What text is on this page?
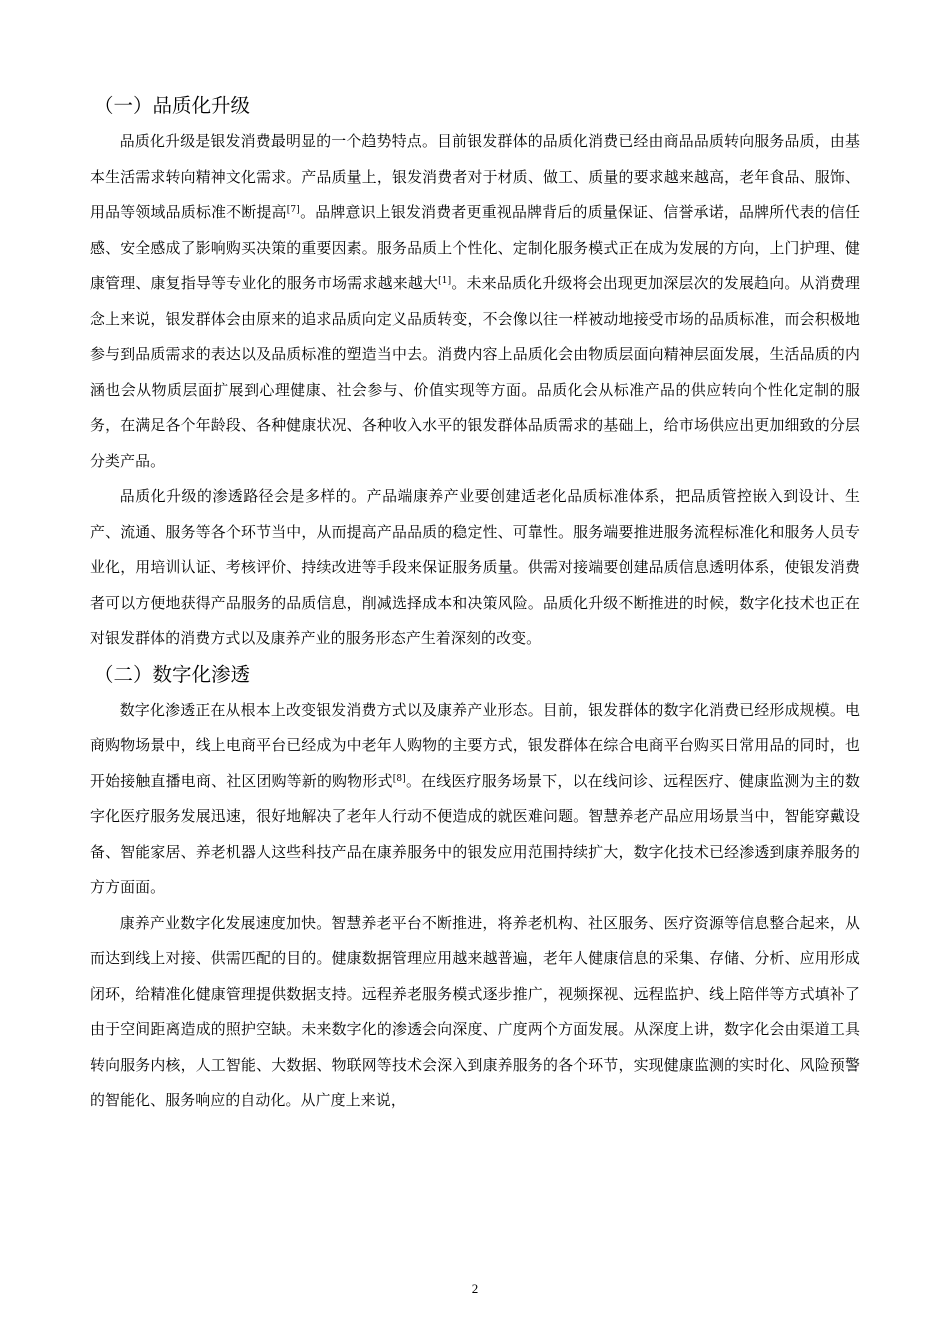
（一）品质化升级

品质化升级是银发消费最明显的一个趋势特点。目前银发群体的品质化消费已经由商品品质转向服务品质，由基本生活需求转向精神文化需求。产品质量上，银发消费者对于材质、做工、质量的要求越来越高，老年食品、服饰、用品等领域品质标准不断提高[7]。品牌意识上银发消费者更重视品牌背后的质量保证、信誉承诺，品牌所代表的信任感、安全感成了影响购买决策的重要因素。服务品质上个性化、定制化服务模式正在成为发展的方向，上门护理、健康管理、康复指导等专业化的服务市场需求越来越大[1]。未来品质化升级将会出现更加深层次的发展趋向。从消费理念上来说，银发群体会由原来的追求品质向定义品质转变，不会像以往一样被动地接受市场的品质标准，而会积极地参与到品质需求的表达以及品质标准的塑造当中去。消费内容上品质化会由物质层面向精神层面发展，生活品质的内涵也会从物质层面扩展到心理健康、社会参与、价值实现等方面。品质化会从标准产品的供应转向个性化定制的服务，在满足各个年龄段、各种健康状况、各种收入水平的银发群体品质需求的基础上，给市场供应出更加细致的分层分类产品。

品质化升级的渗透路径会是多样的。产品端康养产业要创建适老化品质标准体系，把品质管控嵌入到设计、生产、流通、服务等各个环节当中，从而提高产品品质的稳定性、可靠性。服务端要推进服务流程标准化和服务人员专业化，用培训认证、考核评价、持续改进等手段来保证服务质量。供需对接端要创建品质信息透明体系，使银发消费者可以方便地获得产品服务的品质信息，削减选择成本和决策风险。品质化升级不断推进的时候，数字化技术也正在对银发群体的消费方式以及康养产业的服务形态产生着深刻的改变。

（二）数字化渗透

数字化渗透正在从根本上改变银发消费方式以及康养产业形态。目前，银发群体的数字化消费已经形成规模。电商购物场景中，线上电商平台已经成为中老年人购物的主要方式，银发群体在综合电商平台购买日常用品的同时，也开始接触直播电商、社区团购等新的购物形式[8]。在线医疗服务场景下，以在线问诊、远程医疗、健康监测为主的数字化医疗服务发展迅速，很好地解决了老年人行动不便造成的就医难问题。智慧养老产品应用场景当中，智能穿戴设备、智能家居、养老机器人这些科技产品在康养服务中的银发应用范围持续扩大，数字化技术已经渗透到康养服务的方方面面。

康养产业数字化发展速度加快。智慧养老平台不断推进，将养老机构、社区服务、医疗资源等信息整合起来，从而达到线上对接、供需匹配的目的。健康数据管理应用越来越普遍，老年人健康信息的采集、存储、分析、应用形成闭环，给精准化健康管理提供数据支持。远程养老服务模式逐步推广，视频探视、远程监护、线上陪伴等方式填补了由于空间距离造成的照护空缺。未来数字化的渗透会向深度、广度两个方面发展。从深度上讲，数字化会由渠道工具转向服务内核，人工智能、大数据、物联网等技术会深入到康养服务的各个环节，实现健康监测的实时化、风险预警的智能化、服务响应的自动化。从广度上来说，

2
